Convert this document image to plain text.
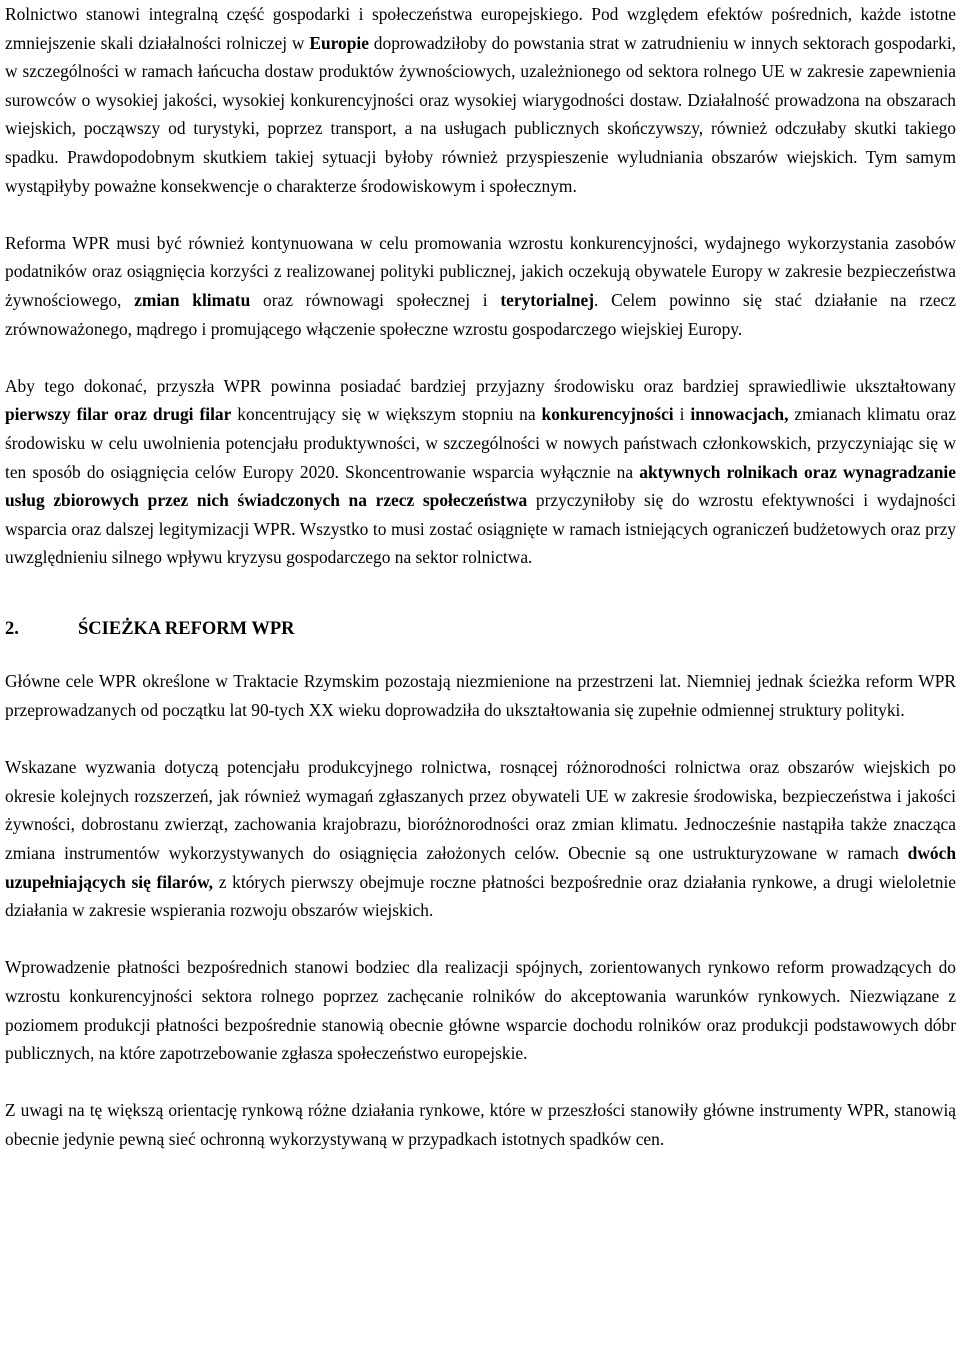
Rolnictwo stanowi integralną część gospodarki i społeczeństwa europejskiego. Pod względem efektów pośrednich, każde istotne zmniejszenie skali działalności rolniczej w Europie doprowadziłoby do powstania strat w zatrudnieniu w innych sektorach gospodarki, w szczególności w ramach łańcucha dostaw produktów żywnościowych, uzależnionego od sektora rolnego UE w zakresie zapewnienia surowców o wysokiej jakości, wysokiej konkurencyjności oraz wysokiej wiarygodności dostaw. Działalność prowadzona na obszarach wiejskich, począwszy od turystyki, poprzez transport, a na usługach publicznych skończywszy, również odczułaby skutki takiego spadku. Prawdopodobnym skutkiem takiej sytuacji byłoby również przyspieszenie wyludniania obszarów wiejskich. Tym samym wystąpiłyby poważne konsekwencje o charakterze środowiskowym i społecznym.

Reforma WPR musi być również kontynuowana w celu promowania wzrostu konkurencyjności, wydajnego wykorzystania zasobów podatników oraz osiągnięcia korzyści z realizowanej polityki publicznej, jakich oczekują obywatele Europy w zakresie bezpieczeństwa żywnościowego, zmian klimatu oraz równowagi społecznej i terytorialnej. Celem powinno się stać działanie na rzecz zrównoważonego, mądrego i promującego włączenie społeczne wzrostu gospodarczego wiejskiej Europy.

Aby tego dokonać, przyszła WPR powinna posiadać bardziej przyjazny środowisku oraz bardziej sprawiedliwie ukształtowany pierwszy filar oraz drugi filar koncentrujący się w większym stopniu na konkurencyjności i innowacjach, zmianach klimatu oraz środowisku w celu uwolnienia potencjału produktywności, w szczególności w nowych państwach członkowskich, przyczyniając się w ten sposób do osiągnięcia celów Europy 2020. Skoncentrowanie wsparcia wyłącznie na aktywnych rolnikach oraz wynagradzanie usług zbiorowych przez nich świadczonych na rzecz społeczeństwa przyczyniłoby się do wzrostu efektywności i wydajności wsparcia oraz dalszej legitymizacji WPR. Wszystko to musi zostać osiągnięte w ramach istniejących ograniczeń budżetowych oraz przy uwzględnieniu silnego wpływu kryzysu gospodarczego na sektor rolnictwa.

2.	ŚCIEŻKA REFORM WPR

Główne cele WPR określone w Traktacie Rzymskim pozostają niezmienione na przestrzeni lat. Niemniej jednak ścieżka reform WPR przeprowadzanych od początku lat 90-tych XX wieku doprowadziła do ukształtowania się zupełnie odmiennej struktury polityki.

Wskazane wyzwania dotyczą potencjału produkcyjnego rolnictwa, rosnącej różnorodności rolnictwa oraz obszarów wiejskich po okresie kolejnych rozszerzeń, jak również wymagań zgłaszanych przez obywateli UE w zakresie środowiska, bezpieczeństwa i jakości żywności, dobrostanu zwierząt, zachowania krajobrazu, bioróżnorodności oraz zmian klimatu. Jednocześnie nastąpiła także znacząca zmiana instrumentów wykorzystywanych do osiągnięcia założonych celów. Obecnie są one ustrukturyzowane w ramach dwóch uzupełniających się filarów, z których pierwszy obejmuje roczne płatności bezpośrednie oraz działania rynkowe, a drugi wieloletnie działania w zakresie wspierania rozwoju obszarów wiejskich.

Wprowadzenie płatności bezpośrednich stanowi bodziec dla realizacji spójnych, zorientowanych rynkowo reform prowadzących do wzrostu konkurencyjności sektora rolnego poprzez zachęcanie rolników do akceptowania warunków rynkowych. Niezwiązane z poziomem produkcji płatności bezpośrednie stanowią obecnie główne wsparcie dochodu rolników oraz produkcji podstawowych dóbr publicznych, na które zapotrzebowanie zgłasza społeczeństwo europejskie.

Z uwagi na tę większą orientację rynkową różne działania rynkowe, które w przeszłości stanowiły główne instrumenty WPR, stanowią obecnie jedynie pewną sieć ochronną wykorzystywaną w przypadkach istotnych spadków cen.
